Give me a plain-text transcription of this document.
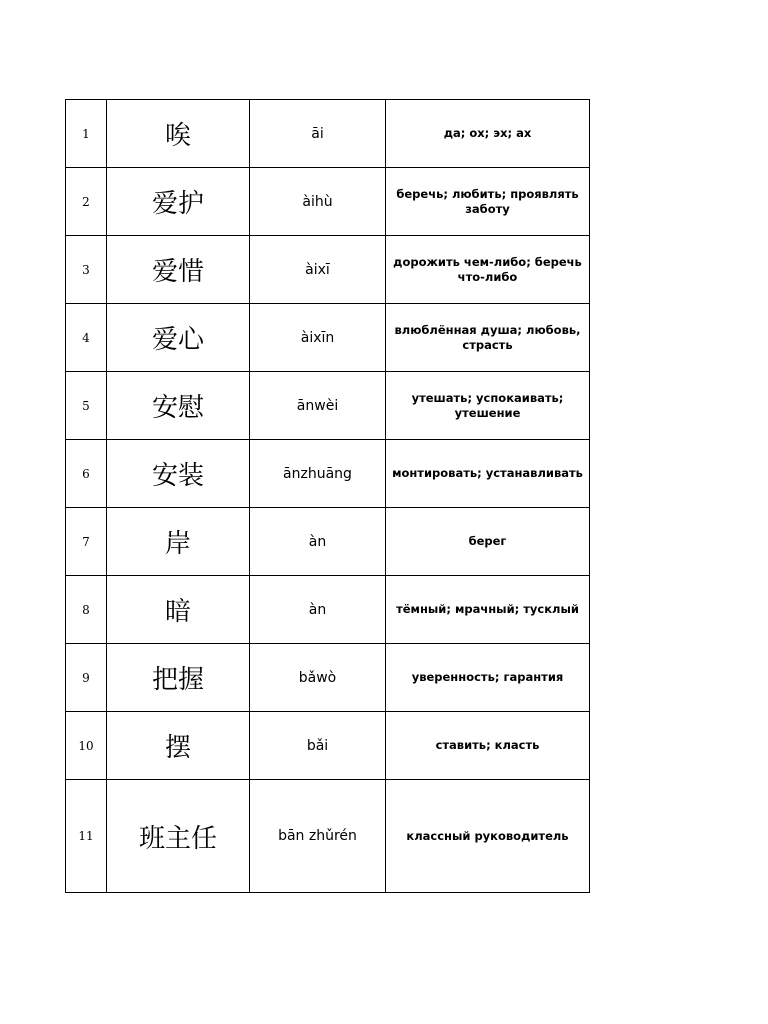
1	唉	āi	да; ох; эх; ах
2	爱护	àihù	беречь; любить; проявлять заботу
3	爱惜	àixī	дорожить чем-либо; беречь что-либо
4	爱心	àixīn	влюблённая душа; любовь, страсть
5	安慰	ānwèi	утешать; успокаивать; утешение
6	安装	ānzhuāng	монтировать; устанавливать
7	岸	àn	берег
8	暗	àn	тёмный; мрачный; тусклый
9	把握	bǎwò	уверенность; гарантия
10	摆	bǎi	ставить; класть
11	班主任	bān zhǔrén	классный руководитель
